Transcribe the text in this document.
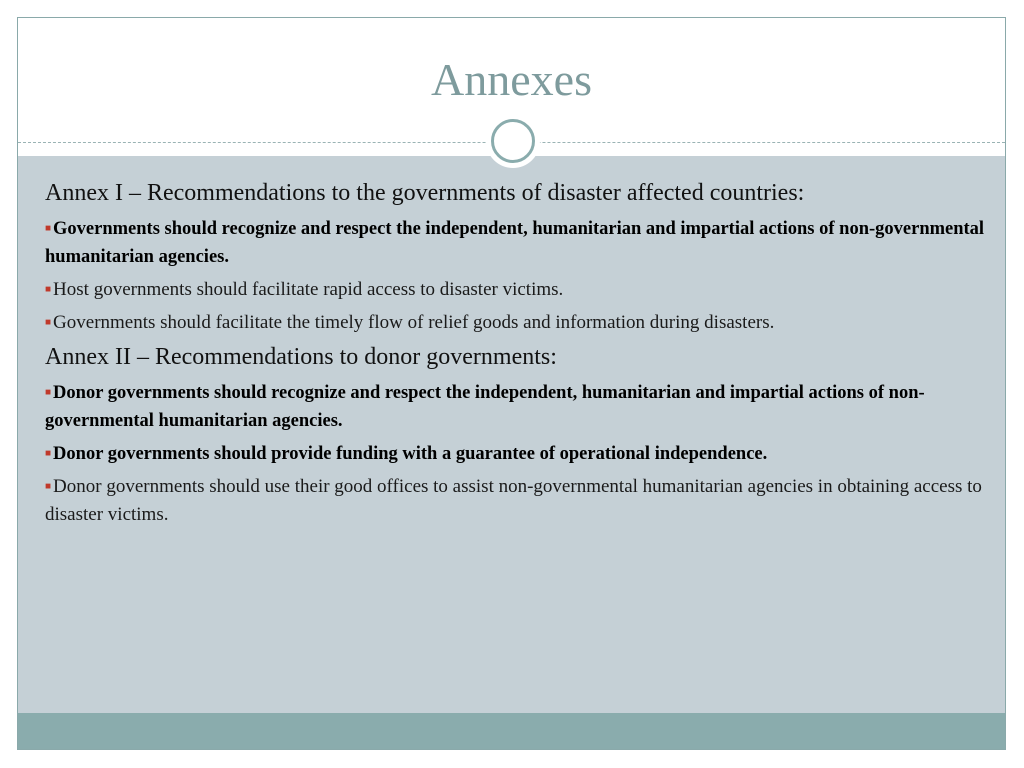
Annexes
Annex I – Recommendations to the governments of disaster affected countries:
■ Governments should recognize and respect the independent, humanitarian and impartial actions of non-governmental humanitarian agencies.
■ Host governments should facilitate rapid access to disaster victims.
■ Governments should facilitate the timely flow of relief goods and information during disasters.
Annex II – Recommendations to donor governments:
■ Donor governments should recognize and respect the independent, humanitarian and impartial actions of non-governmental humanitarian agencies.
■ Donor governments should provide funding with a guarantee of operational independence.
■ Donor governments should use their good offices to assist non-governmental humanitarian agencies in obtaining access to disaster victims.
